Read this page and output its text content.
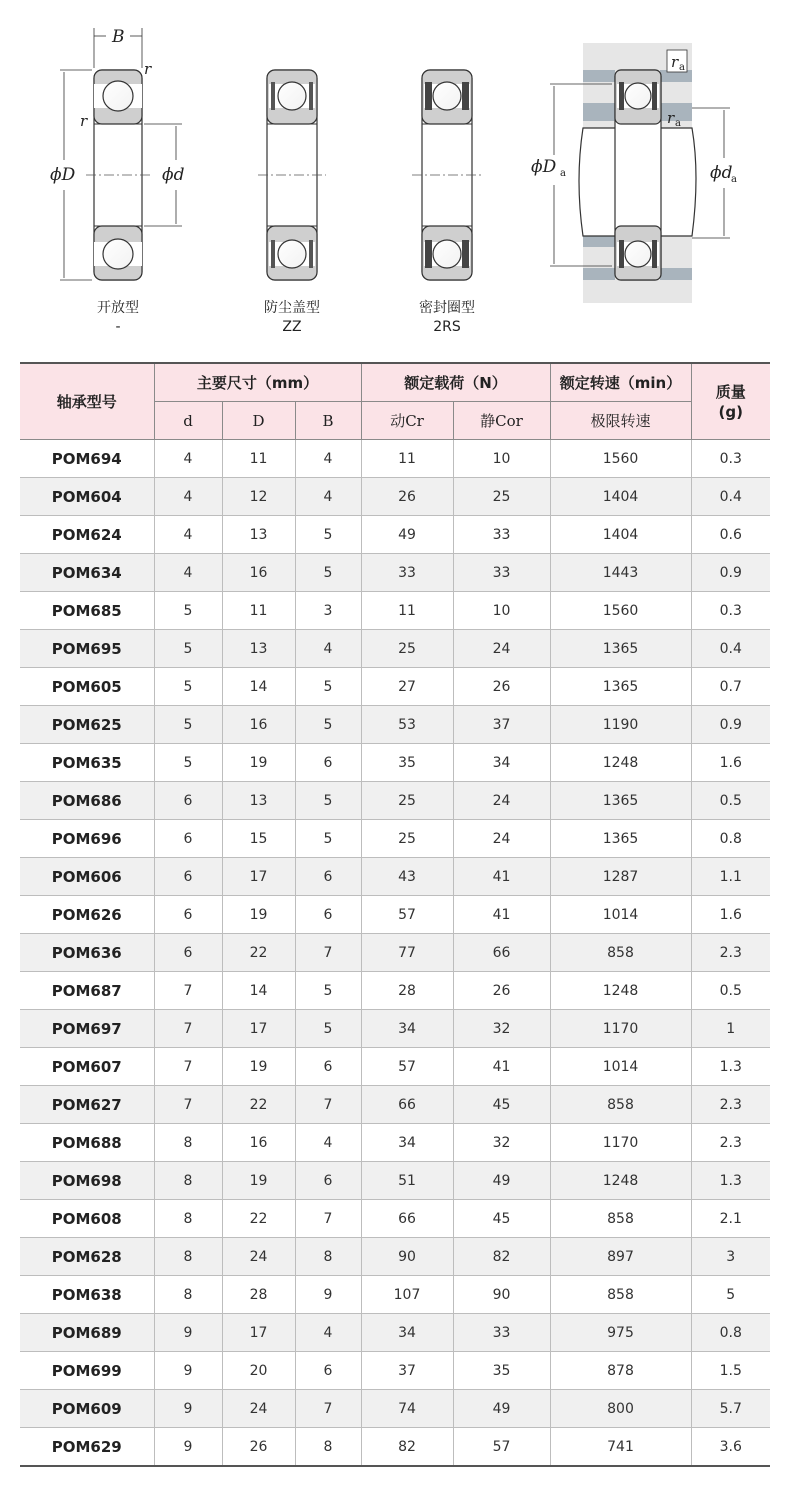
B
r
r
ϕD	ϕd
开放型
-
防尘盖型
ZZ
密封圈型
2RS
r a
r a
ϕD a	ϕd
a
轴承型号	主要尺寸（mm）			额定载荷（N）		额定转速（min）	质量
(g)
	d	D	B	动Cr	静Cor	极限转速	
POM694	4	11	4	11	10	1560	0.3
POM604	4	12	4	26	25	1404	0.4
POM624	4	13	5	49	33	1404	0.6
POM634	4	16	5	33	33	1443	0.9
POM685	5	11	3	11	10	1560	0.3
POM695	5	13	4	25	24	1365	0.4
POM605	5	14	5	27	26	1365	0.7
POM625	5	16	5	53	37	1190	0.9
POM635	5	19	6	35	34	1248	1.6
POM686	6	13	5	25	24	1365	0.5
POM696	6	15	5	25	24	1365	0.8
POM606	6	17	6	43	41	1287	1.1
POM626	6	19	6	57	41	1014	1.6
POM636	6	22	7	77	66	858	2.3
POM687	7	14	5	28	26	1248	0.5
POM697	7	17	5	34	32	1170	1
POM607	7	19	6	57	41	1014	1.3
POM627	7	22	7	66	45	858	2.3
POM688	8	16	4	34	32	1170	2.3
POM698	8	19	6	51	49	1248	1.3
POM608	8	22	7	66	45	858	2.1
POM628	8	24	8	90	82	897	3
POM638	8	28	9	107	90	858	5
POM689	9	17	4	34	33	975	0.8
POM699	9	20	6	37	35	878	1.5
POM609	9	24	7	74	49	800	5.7
POM629	9	26	8	82	57	741	3.6
